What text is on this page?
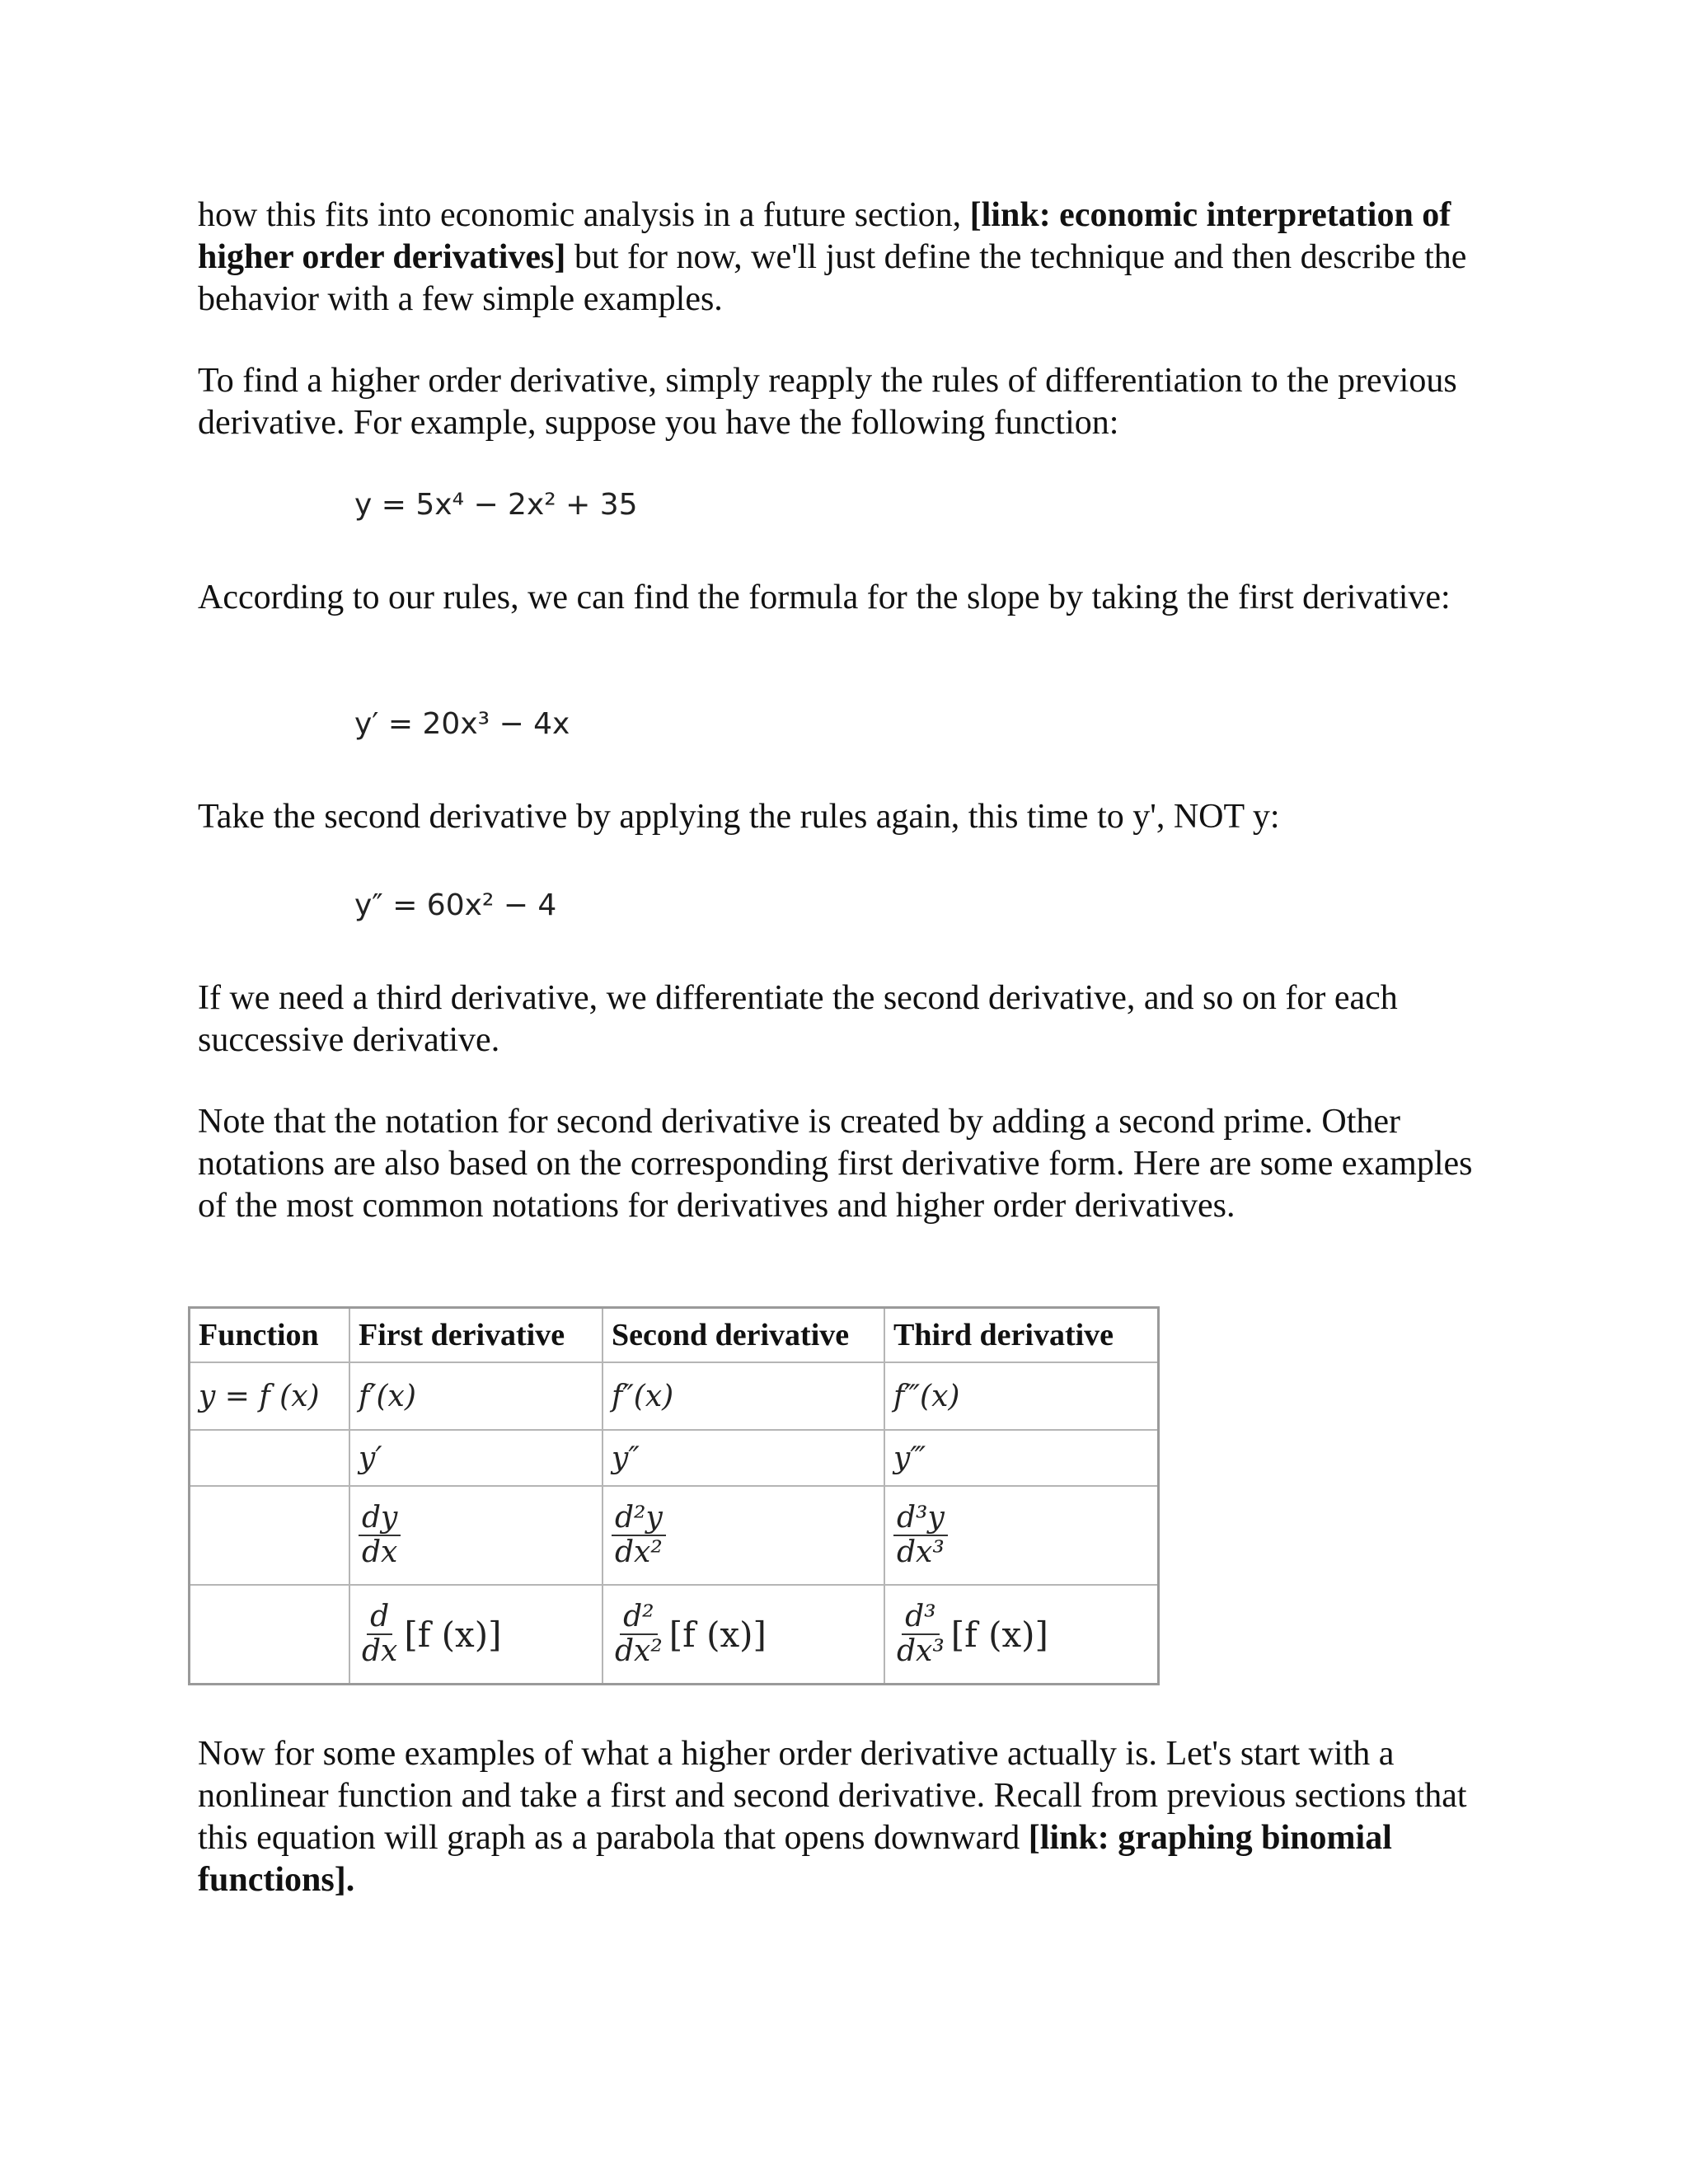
how this fits into economic analysis in a future section, [link: economic interpretation of higher order derivatives] but for now, we'll just define the technique and then describe the behavior with a few simple examples.

To find a higher order derivative, simply reapply the rules of differentiation to the previous derivative. For example, suppose you have the following function:

y = 5x⁴ − 2x² + 35

According to our rules, we can find the formula for the slope by taking the first derivative:

y′ = 20x³ − 4x

Take the second derivative by applying the rules again, this time to y', NOT y:

y″ = 60x² − 4

If we need a third derivative, we differentiate the second derivative, and so on for each successive derivative.

Note that the notation for second derivative is created by adding a second prime. Other notations are also based on the corresponding first derivative form. Here are some examples of the most common notations for derivatives and higher order derivatives.

Function	First derivative	Second derivative	Third derivative
y = f (x)	f′(x)	f″(x)	f‴(x)
	y′	y″	y‴

	$\frac{dy}{dx}$	$\frac{\text{d²y}}{\text{dx²}}$	$\frac{\text{d³y}}{\text{dx³}}$

	$\frac{d}{dx} [f$ (x)]	$\frac{\text{d²}}{\text{dx²}} [f$ (x)]	$\frac{\text{d³}}{\text{dx³}} [f$ (x)]

Now for some examples of what a higher order derivative actually is. Let's start with a nonlinear function and take a first and second derivative. Recall from previous sections that this equation will graph as a parabola that opens downward [link: graphing binomial functions].
